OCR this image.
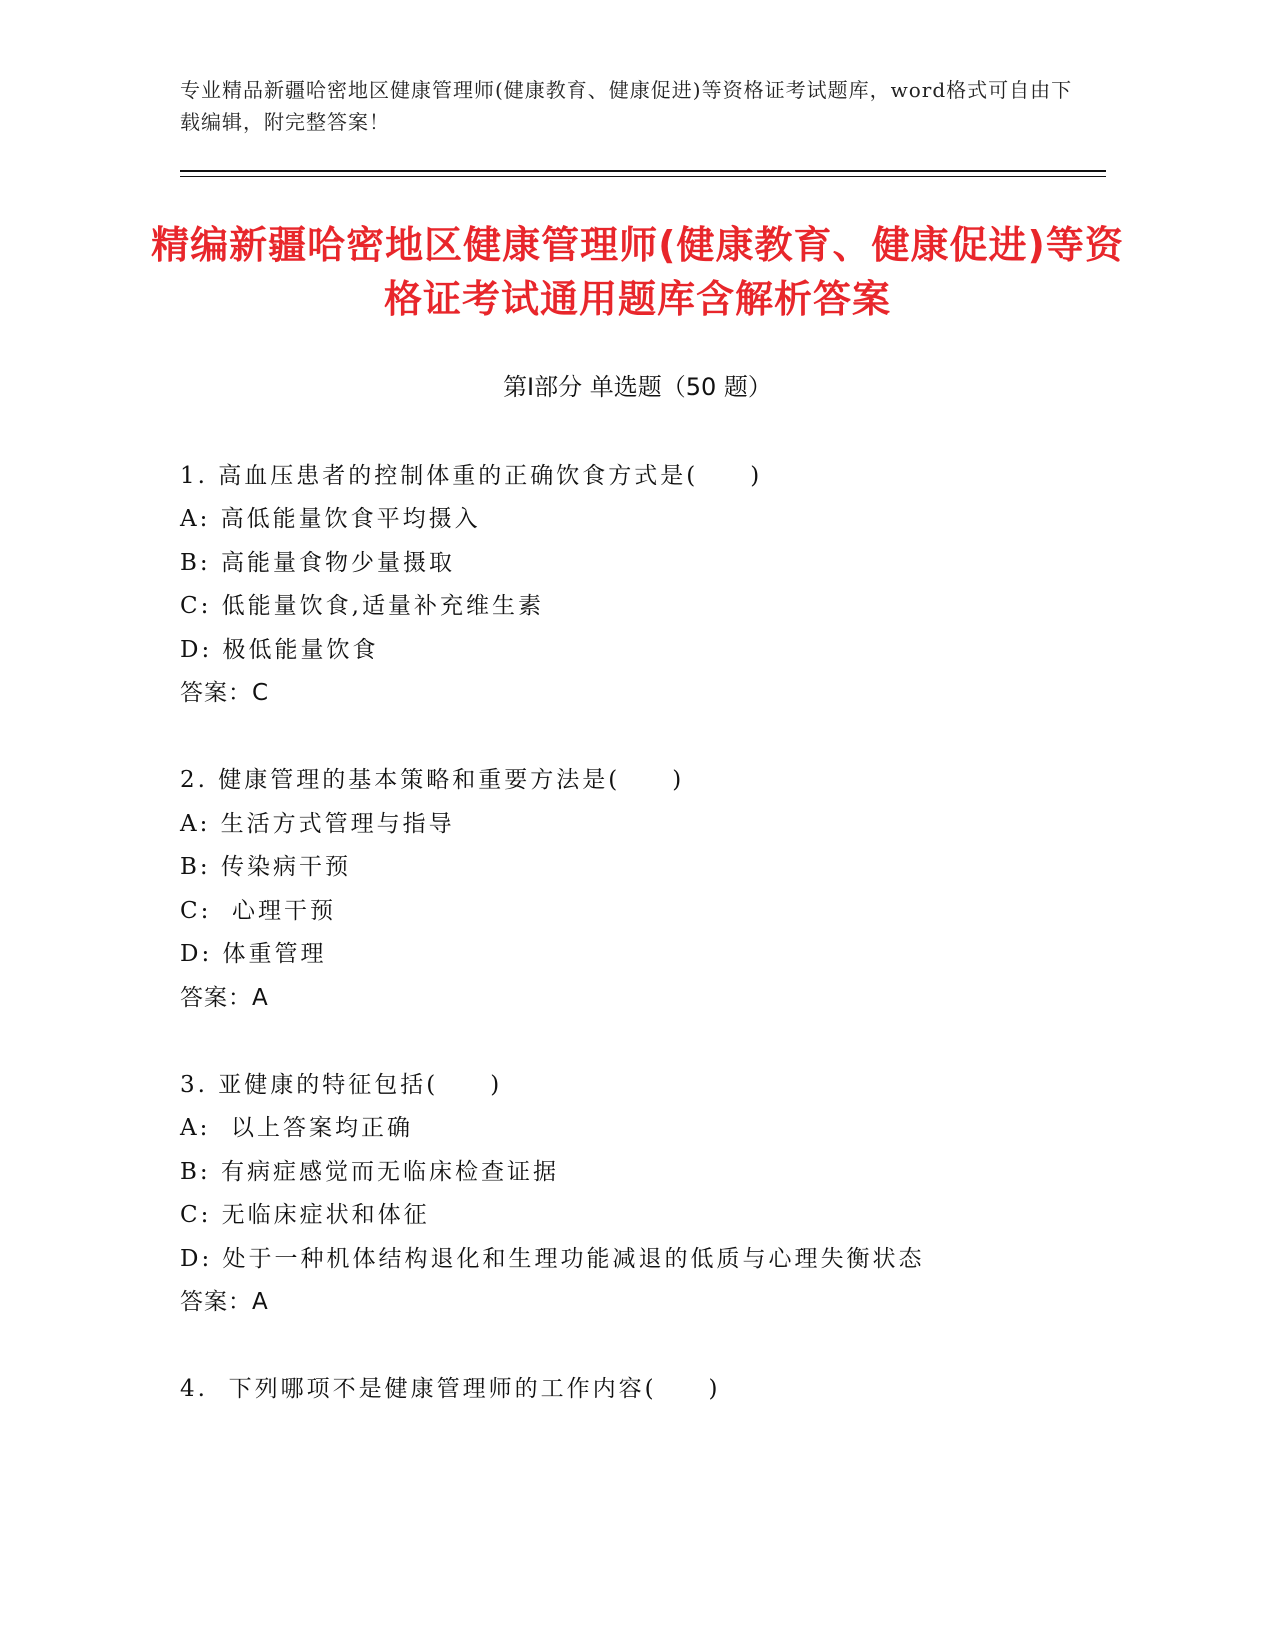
专业精品新疆哈密地区健康管理师(健康教育、健康促进)等资格证考试题库，word格式可自由下载编辑，附完整答案！
精编新疆哈密地区健康管理师(健康教育、健康促进)等资格证考试通用题库含解析答案
第Ⅰ部分 单选题（50 题）
1. 高血压患者的控制体重的正确饮食方式是(　　)
A: 高低能量饮食平均摄入
B: 高能量食物少量摄取
C: 低能量饮食,适量补充维生素
D: 极低能量饮食
答案：C
2. 健康管理的基本策略和重要方法是(　　)
A: 生活方式管理与指导
B: 传染病干预
C:  心理干预
D: 体重管理
答案：A
3. 亚健康的特征包括(　　)
A:  以上答案均正确
B: 有病症感觉而无临床检查证据
C: 无临床症状和体征
D: 处于一种机体结构退化和生理功能减退的低质与心理失衡状态
答案：A
4.  下列哪项不是健康管理师的工作内容(　　)
